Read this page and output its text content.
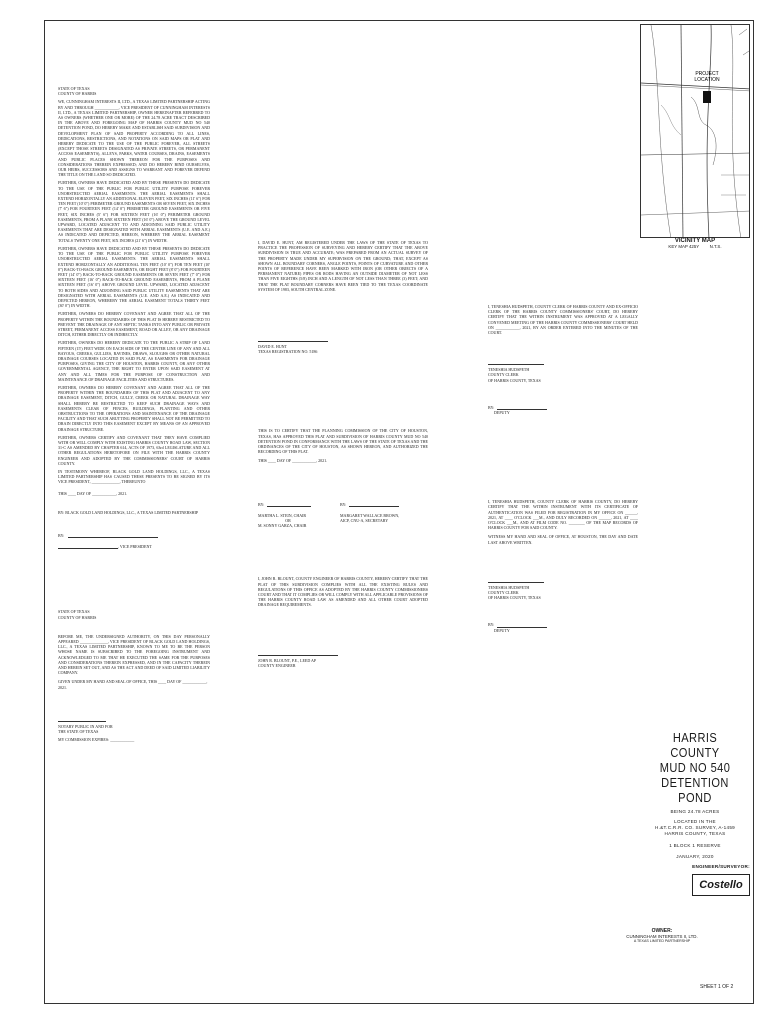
STATE OF TEXAS
COUNTY OF HARRIS
WE, CUNNINGHAM INTERESTS II, LTD., A TEXAS LIMITED PARTNERSHIP ACTING BY AND THROUGH ____________, VICE PRESIDENT OF CUNNINGHAM INTERESTS II, LTD., A TEXAS LIMITED PARTNERSHIP, OWNER HEREINAFTER REFERRED TO AS OWNERS (WHETHER ONE OR MORE) OF THE 24.78 ACRE TRACT DESCRIBED IN THE ABOVE AND FOREGOING MAP OF HARRIS COUNTY MUD NO 540 DETENTION POND, DO HEREBY MAKE AND ESTABLISH SAID SUBDIVISION AND DEVELOPMENT PLAN OF SAID PROPERTY ACCORDING TO ALL LINES, DEDICATIONS, RESTRICTIONS, AND NOTATIONS ON SAID MAPS OR PLAT AND HEREBY DEDICATE TO THE USE OF THE PUBLIC FOREVER, ALL STREETS (EXCEPT THOSE STREETS DESIGNATED AS PRIVATE STREETS, OR PERMANENT ACCESS EASEMENTS), ALLEYS, PARKS, WATER COURSES, DRAINS, EASEMENTS AND PUBLIC PLACES SHOWN THEREON FOR THE PURPOSES AND CONSIDERATIONS THEREIN EXPRESSED; AND DO HEREBY BIND OURSELVES, OUR HEIRS, SUCCESSORS AND ASSIGNS TO WARRANT AND FOREVER DEFEND THE TITLE ON THE LAND SO DEDICATED.
FURTHER, OWNERS HAVE DEDICATED AND BY THESE PRESENTS DO DEDICATE TO THE USE OF THE PUBLIC FOR PUBLIC UTILITY PURPOSE FOREVER UNOBSTRUCTED AERIAL EASEMENTS. THE AERIAL EASEMENTS SHALL EXTEND HORIZONTALLY AN ADDITIONAL ELEVEN FEET, SIX INCHES (11' 6") FOR TEN FEET (10' 0") PERIMETER GROUND EASEMENTS OR SEVEN FEET, SIX INCHES (7' 6") FOR FOURTEEN FEET (14' 0") PERIMETER GROUND EASEMENTS OR FIVE FEET, SIX INCHES (5' 6") FOR SIXTEEN FEET (16' 0") PERIMETER GROUND EASEMENTS, FROM A PLANE SIXTEEN FEET (16' 0") ABOVE THE GROUND LEVEL UPWARD, LOCATED ADJACENT TO AND ADJOINING SAID PUBLIC UTILITY EASEMENTS THAT ARE DESIGNATED WITH AERIAL EASEMENTS (U.E. AND A.E.) AS INDICATED AND DEPICTED, HEREON, WHEREBY THE AERIAL EASEMENT TOTALS TWENTY ONE FEET, SIX INCHES (21' 6") IN WIDTH.
FURTHER, OWNERS HAVE DEDICATED AND BY THESE PRESENTS DO DEDICATE TO THE USE OF THE PUBLIC FOR PUBLIC UTILITY PURPOSE FOREVER UNOBSTRUCTED AERIAL EASEMENTS. THE AERIAL EASEMENTS SHALL EXTEND HORIZONTALLY AN ADDITIONAL TEN FEET (10' 0") FOR TEN FEET (10' 0") BACK-TO-BACK GROUND EASEMENTS, OR EIGHT FEET (8' 0") FOR FOURTEEN FEET (14' 0") BACK-TO-BACK GROUND EASEMENTS OR SEVEN FEET (7' 0") FOR SIXTEEN FEET (16' 0") BACK-TO-BACK GROUND EASEMENTS, FROM A PLANE SIXTEEN FEET (16' 0") ABOVE GROUND LEVEL UPWARD, LOCATED ADJACENT TO BOTH SIDES AND ADJOINING SAID PUBLIC UTILITY EASEMENTS THAT ARE DESIGNATED WITH AERIAL EASEMENTS (U.E. AND A.E.) AS INDICATED AND DEPICTED HEREON, WHEREBY THE AERIAL EASEMENT TOTALS THIRTY FEET (30' 0") IN WIDTH.
FURTHER, OWNERS DO HEREBY COVENANT AND AGREE THAT ALL OF THE PROPERTY WITHIN THE BOUNDARIES OF THIS PLAT IS HEREBY RESTRICTED TO PREVENT THE DRAINAGE OF ANY SEPTIC TANKS INTO ANY PUBLIC OR PRIVATE STREET, PERMANENT ACCESS EASEMENT, ROAD OR ALLEY, OR ANY DRAINAGE DITCH, EITHER DIRECTLY OR INDIRECTLY.
FURTHER, OWNERS DO HEREBY DEDICATE TO THE PUBLIC A STRIP OF LAND FIFTEEN (15') FEET WIDE ON EACH SIDE OF THE CENTER LINE OF ANY AND ALL BAYOUS, CREEKS, GULLIES, RAVINES, DRAWS, SLOUGHS OR OTHER NATURAL DRAINAGE COURSES LOCATED IN SAID PLAT, AS EASEMENTS FOR DRAINAGE PURPOSES, GIVING THE CITY OF HOUSTON, HARRIS COUNTY, OR ANY OTHER GOVERNMENTAL AGENCY, THE RIGHT TO ENTER UPON SAID EASEMENT AT ANY AND ALL TIMES FOR THE PURPOSE OF CONSTRUCTION AND MAINTENANCE OF DRAINAGE FACILITIES AND STRUCTURES.
FURTHER, OWNERS DO HEREBY COVENANT AND AGREE THAT ALL OF THE PROPERTY WITHIN THE BOUNDARIES OF THIS PLAT AND ADJACENT TO ANY DRAINAGE EASEMENT, DITCH, GULLY, CREEK OR NATURAL DRAINAGE WAY SHALL HEREBY BE RESTRICTED TO KEEP SUCH DRAINAGE WAYS AND EASEMENTS CLEAR OF FENCES, BUILDINGS, PLANTING AND OTHER OBSTRUCTIONS TO THE OPERATIONS AND MAINTENANCE OF THE DRAINAGE FACILITY AND THAT SUCH ABUTTING PROPERTY SHALL NOT BE PERMITTED TO DRAIN DIRECTLY INTO THIS EASEMENT EXCEPT BY MEANS OF AN APPROVED DRAINAGE STRUCTURE.
FURTHER, OWNERS CERTIFY AND COVENANT THAT THEY HAVE COMPLIED WITH OR WILL COMPLY WITH EXISTING HARRIS COUNTY ROAD LAW, SECTION 31-C AS AMENDED BY CHAPTER 614, ACTS OF 1973, 63rd LEGISLATURE AND ALL OTHER REGULATIONS HERETOFORE ON FILE WITH THE HARRIS COUNTY ENGINEER AND ADOPTED BY THE COMMISSIONERS' COURT OF HARRIS COUNTY.
IN TESTIMONY WHEREOF, BLACK GOLD LAND HOLDINGS, LLC., A TEXAS LIMITED PARTNERSHIP HAS CAUSED THESE PRESENTS TO BE SIGNED BY ITS VICE PRESIDENT, ______________, THEREUNTO
THIS ____ DAY OF ____________, 2021.
BY: BLACK GOLD LAND HOLDINGS, LLC., A TEXAS LIMITED PARTNERSHIP
BY:
, VICE PRESIDENT
STATE OF TEXAS
COUNTY OF HARRIS
BEFORE ME, THE UNDERSIGNED AUTHORITY, ON THIS DAY PERSONALLY APPEARED ______________, VICE PRESIDENT OF BLACK GOLD LAND HOLDINGS, LLC., A TEXAS LIMITED PARTNERSHIP, KNOWN TO ME TO BE THE PERSON WHOSE NAME IS SUBSCRIBED TO THE FOREGOING INSTRUMENT AND ACKNOWLEDGED TO ME THAT HE EXECUTED THE SAME FOR THE PURPOSES AND CONSIDERATIONS THEREIN EXPRESSED, AND IN THE CAPACITY THEREIN AND HEREIN SET OUT, AND AS THE ACT AND DEED OF SAID LIMITED LIABILITY COMPANY.
GIVEN UNDER MY HAND AND SEAL OF OFFICE, THIS ____ DAY OF ____________, 2021.
NOTARY PUBLIC IN AND FOR
THE STATE OF TEXAS
MY COMMISSION EXPIRES: ____________
I, DAVID E. HUNT, AM REGISTERED UNDER THE LAWS OF THE STATE OF TEXAS TO PRACTICE THE PROFESSION OF SURVEYING AND HEREBY CERTIFY THAT THE ABOVE SUBDIVISION IS TRUE AND ACCURATE; WAS PREPARED FROM AN ACTUAL SURVEY OF THE PROPERTY MADE UNDER MY SUPERVISION ON THE GROUND; THAT, EXCEPT AS SHOWN ALL BOUNDARY CORNERS, ANGLE POINTS, POINTS OF CURVATURE AND OTHER POINTS OF REFERENCE HAVE BEEN MARKED WITH IRON (OR OTHER OBJECTS OF A PERMANENT NATURE) PIPES OR RODS HAVING AN OUTSIDE DIAMETER OF NOT LESS THAN FIVE EIGHTHS (5/8) INCH AND A LENGTH OF NOT LESS THAN THREE (3) FEET; AND THAT THE PLAT BOUNDARY CORNERS HAVE BEEN TIED TO THE TEXAS COORDINATE SYSTEM OF 1983, SOUTH CENTRAL ZONE.
DAVID E. HUNT
TEXAS REGISTRATION NO. 5186
THIS IS TO CERTIFY THAT THE PLANNING COMMISSION OF THE CITY OF HOUSTON, TEXAS, HAS APPROVED THIS PLAT AND SUBDIVISION OF HARRIS COUNTY MUD NO 540 DETENTION POND IN CONFORMANCE WITH THE LAWS OF THE STATE OF TEXAS AND THE ORDINANCES OF THE CITY OF HOUSTON, AS SHOWN HEREON, AND AUTHORIZED THE RECORDING OF THIS PLAT.
THIS ____ DAY OF ____________, 2021.
BY:
MARTHA L. STEIN, CHAIR
OR
M. SONNY GARZA, CHAIR
BY:
MARGARET WALLACE BROWN,
AICP, CNU-A, SECRETARY
I, JOHN R. BLOUNT, COUNTY ENGINEER OF HARRIS COUNTY, HEREBY CERTIFY THAT THE PLAT OF THIS SUBDIVISION COMPLIES WITH ALL THE EXISTING RULES AND REGULATIONS OF THIS OFFICE AS ADOPTED BY THE HARRIS COUNTY COMMISSIONERS COURT AND THAT IT COMPLIES OR WILL COMPLY WITH ALL APPLICABLE PROVISIONS OF THE HARRIS COUNTY ROAD LAW AS AMENDED AND ALL OTHER COURT ADOPTED DRAINAGE REQUIREMENTS.
JOHN R. BLOUNT, P.E., LEED AP
COUNTY ENGINEER
I, TENESHIA HUDSPETH, COUNTY CLERK OF HARRIS COUNTY AND EX-OFFICIO CLERK OF THE HARRIS COUNTY COMMISSIONERS' COURT, DO HEREBY CERTIFY THAT THE WITHIN INSTRUMENT WAS APPROVED AT A LEGALLY CONVENED MEETING OF THE HARRIS COUNTY COMMISSIONERS' COURT HELD ON ____________, 2021, BY AN ORDER ENTERED INTO THE MINUTES OF THE COURT.
TENESHIA HUDSPETH
COUNTY CLERK
OF HARRIS COUNTY, TEXAS
BY:
DEPUTY
I, TENESHIA HUDSPETH, COUNTY CLERK OF HARRIS COUNTY, DO HEREBY CERTIFY THAT THE WITHIN INSTRUMENT WITH ITS CERTIFICATE OF AUTHENTICATION WAS FILED FOR REGISTRATION IN MY OFFICE ON ______, 2021, AT ____ O'CLOCK ___M., AND DULY RECORDED ON ______, 2021, AT ____ O'CLOCK ___M., AND AT FILM CODE NO. ________ OF THE MAP RECORDS OF HARRIS COUNTY FOR SAID COUNTY.
WITNESS MY HAND AND SEAL OF OFFICE, AT HOUSTON, THE DAY AND DATE LAST ABOVE WRITTEN.
TENESHIA HUDSPETH
COUNTY CLERK
OF HARRIS COUNTY, TEXAS
BY:
DEPUTY
PROJECT
LOCATION
VICINITY MAP
KEY MAP 425Y N.T.S.
HARRIS COUNTY
MUD NO 540
DETENTION POND
BEING 24.78 ACRES
LOCATED IN THE
H.&T.C.R.R. CO. SURVEY, A-1459
HARRIS COUNTY, TEXAS
1 BLOCK 1 RESERVE
JANUARY, 2020
ENGINEER/SURVEYOR:
Costello
OWNER:
CUNNINGHAM INTERESTS II, LTD.
A TEXAS LIMITED PARTNERSHIP
SHEET 1 OF 2
